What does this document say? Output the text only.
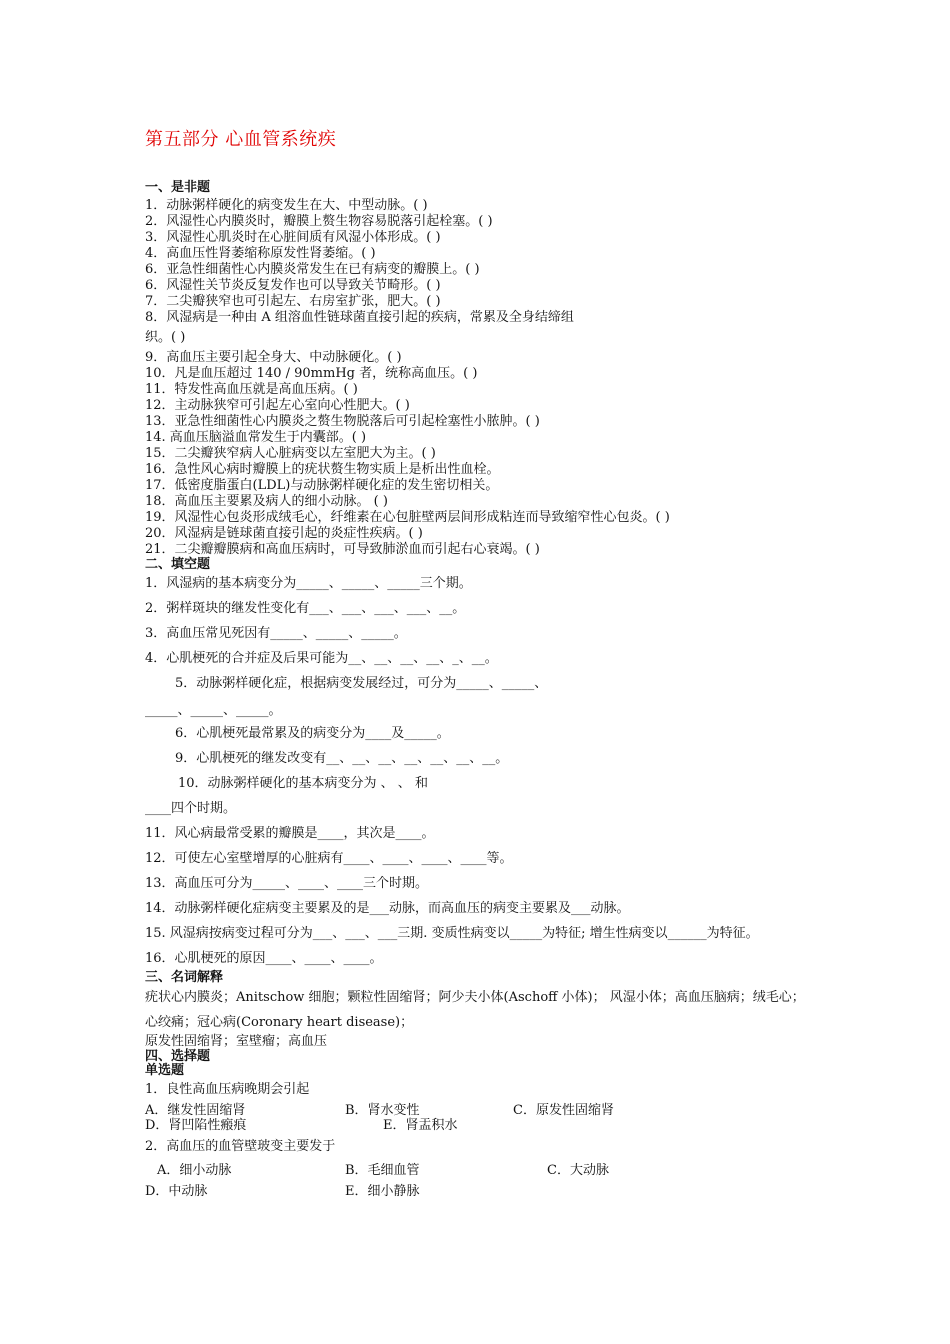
第五部分 心血管系统疾
一、是非题
1．动脉粥样硬化的病变发生在大、中型动脉。( )
2．风湿性心内膜炎时，瓣膜上赘生物容易脱落引起栓塞。( )
3．风湿性心肌炎时在心脏间质有风湿小体形成。( )
4．高血压性肾萎缩称原发性肾萎缩。( )
6．亚急性细菌性心内膜炎常发生在已有病变的瓣膜上。( )
6．风湿性关节炎反复发作也可以导致关节畸形。( )
7．二尖瓣狭窄也可引起左、右房室扩张，肥大。( )
8．风湿病是一种由 A 组溶血性链球菌直接引起的疾病，常累及全身结缔组
织。( )
9．高血压主要引起全身大、中动脉硬化。( )
10．凡是血压超过 140 / 90mmHg 者，统称高血压。( )
11．特发性高血压就是高血压病。( )
12．主动脉狭窄可引起左心室向心性肥大。( )
13．亚急性细菌性心内膜炎之赘生物脱落后可引起栓塞性小脓肿。( )
14. 高血压脑溢血常发生于内囊部。( )
15．二尖瓣狭窄病人心脏病变以左室肥大为主。( )
16．急性风心病时瓣膜上的疣状赘生物实质上是析出性血栓。
17．低密度脂蛋白(LDL)与动脉粥样硬化症的发生密切相关。
18．高血压主要累及病人的细小动脉。 ( )
19．风湿性心包炎形成绒毛心，纤维素在心包脏壁两层间形成粘连而导致缩窄性心包炎。( )
20．风湿病是链球菌直接引起的炎症性疾病。( )
21．二尖瓣瓣膜病和高血压病时，可导致肺淤血而引起右心衰竭。( )
二、填空题
1．风湿病的基本病变分为_____、_____、_____三个期。
2．粥样斑块的继发性变化有___、___、___、___、__。
3．高血压常见死因有_____、_____、_____。
4．心肌梗死的合并症及后果可能为__、__、__、__、_、__。
5．动脉粥样硬化症，根据病变发展经过，可分为_____、_____、
_____、_____、_____。
6．心肌梗死最常累及的病变分为____及_____。
9．心肌梗死的继发改变有__、__、__、__、__、__、__。
10．动脉粥样硬化的基本病变分为 、 、 和
____四个时期。
11．风心病最常受累的瓣膜是____，其次是____。
12．可使左心室壁增厚的心脏病有____、____、____、____等。
13．高血压可分为_____、____、____三个时期。
14．动脉粥样硬化症病变主要累及的是___动脉，而高血压的病变主要累及___动脉。
15. 风湿病按病变过程可分为___、___、___三期. 变质性病变以_____为特征; 增生性病变以______为特征。
16．心肌梗死的原因____、____、____。
三、名词解释
疣状心内膜炎；Anitschow 细胞；颗粒性固缩肾；阿少夫小体(Aschoff 小体)； 风湿小体；高血压脑病；绒毛心；
心绞痛；冠心病(Coronary heart disease)；
原发性固缩肾；室壁瘤；高血压
四、选择题
单选题
1．良性高血压病晚期会引起
A．继发性固缩肾	B．肾水变性	C．原发性固缩肾
D．肾凹陷性瘢痕	E．肾盂积水
2．高血压的血管壁玻变主要发于
A．细小动脉	B．毛细血管	C．大动脉
D．中动脉	E．细小静脉
